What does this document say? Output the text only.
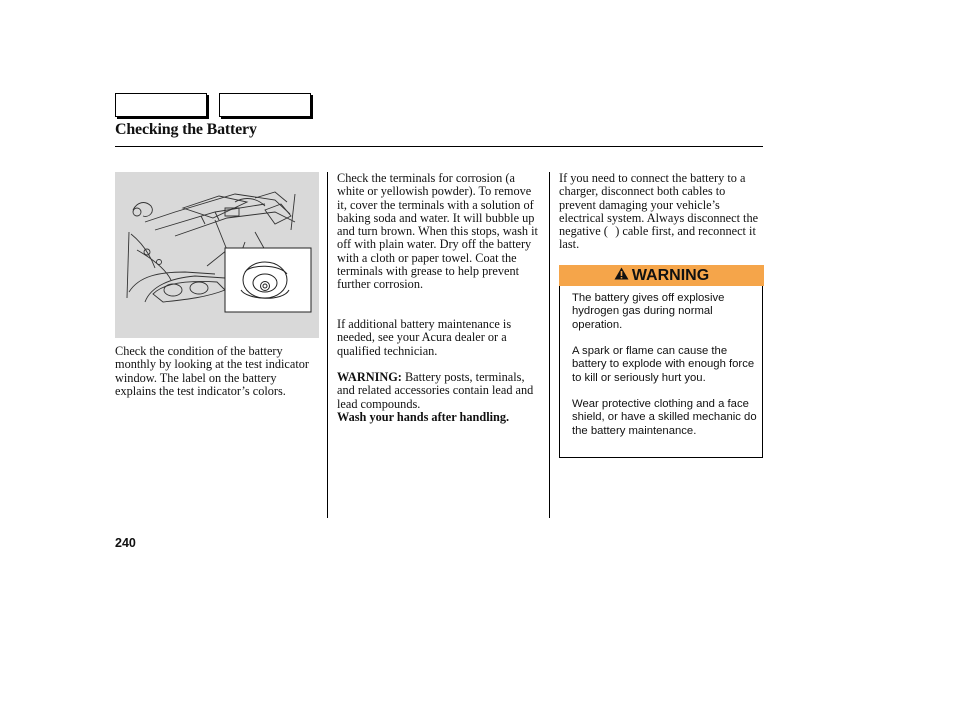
Checking the Battery

Check the condition of the battery monthly by looking at the test indicator window. The label on the battery explains the test indicator’s colors.

Check the terminals for corrosion (a white or yellowish powder). To remove it, cover the terminals with a solution of baking soda and water. It will bubble up and turn brown. When this stops, wash it off with plain water. Dry off the battery with a cloth or paper towel. Coat the terminals with grease to help prevent further corrosion.

If additional battery maintenance is needed, see your Acura dealer or a qualified technician.

WARNING: Battery posts, terminals, and related accessories contain lead and lead compounds.
Wash your hands after handling.

If you need to connect the battery to a charger, disconnect both cables to prevent damaging your vehicle’s electrical system. Always disconnect the negative (   ) cable first, and reconnect it last.

WARNING

The battery gives off explosive hydrogen gas during normal operation.

A spark or flame can cause the battery to explode with enough force to kill or seriously hurt you.

Wear protective clothing and a face shield, or have a skilled mechanic do the battery maintenance.

240
